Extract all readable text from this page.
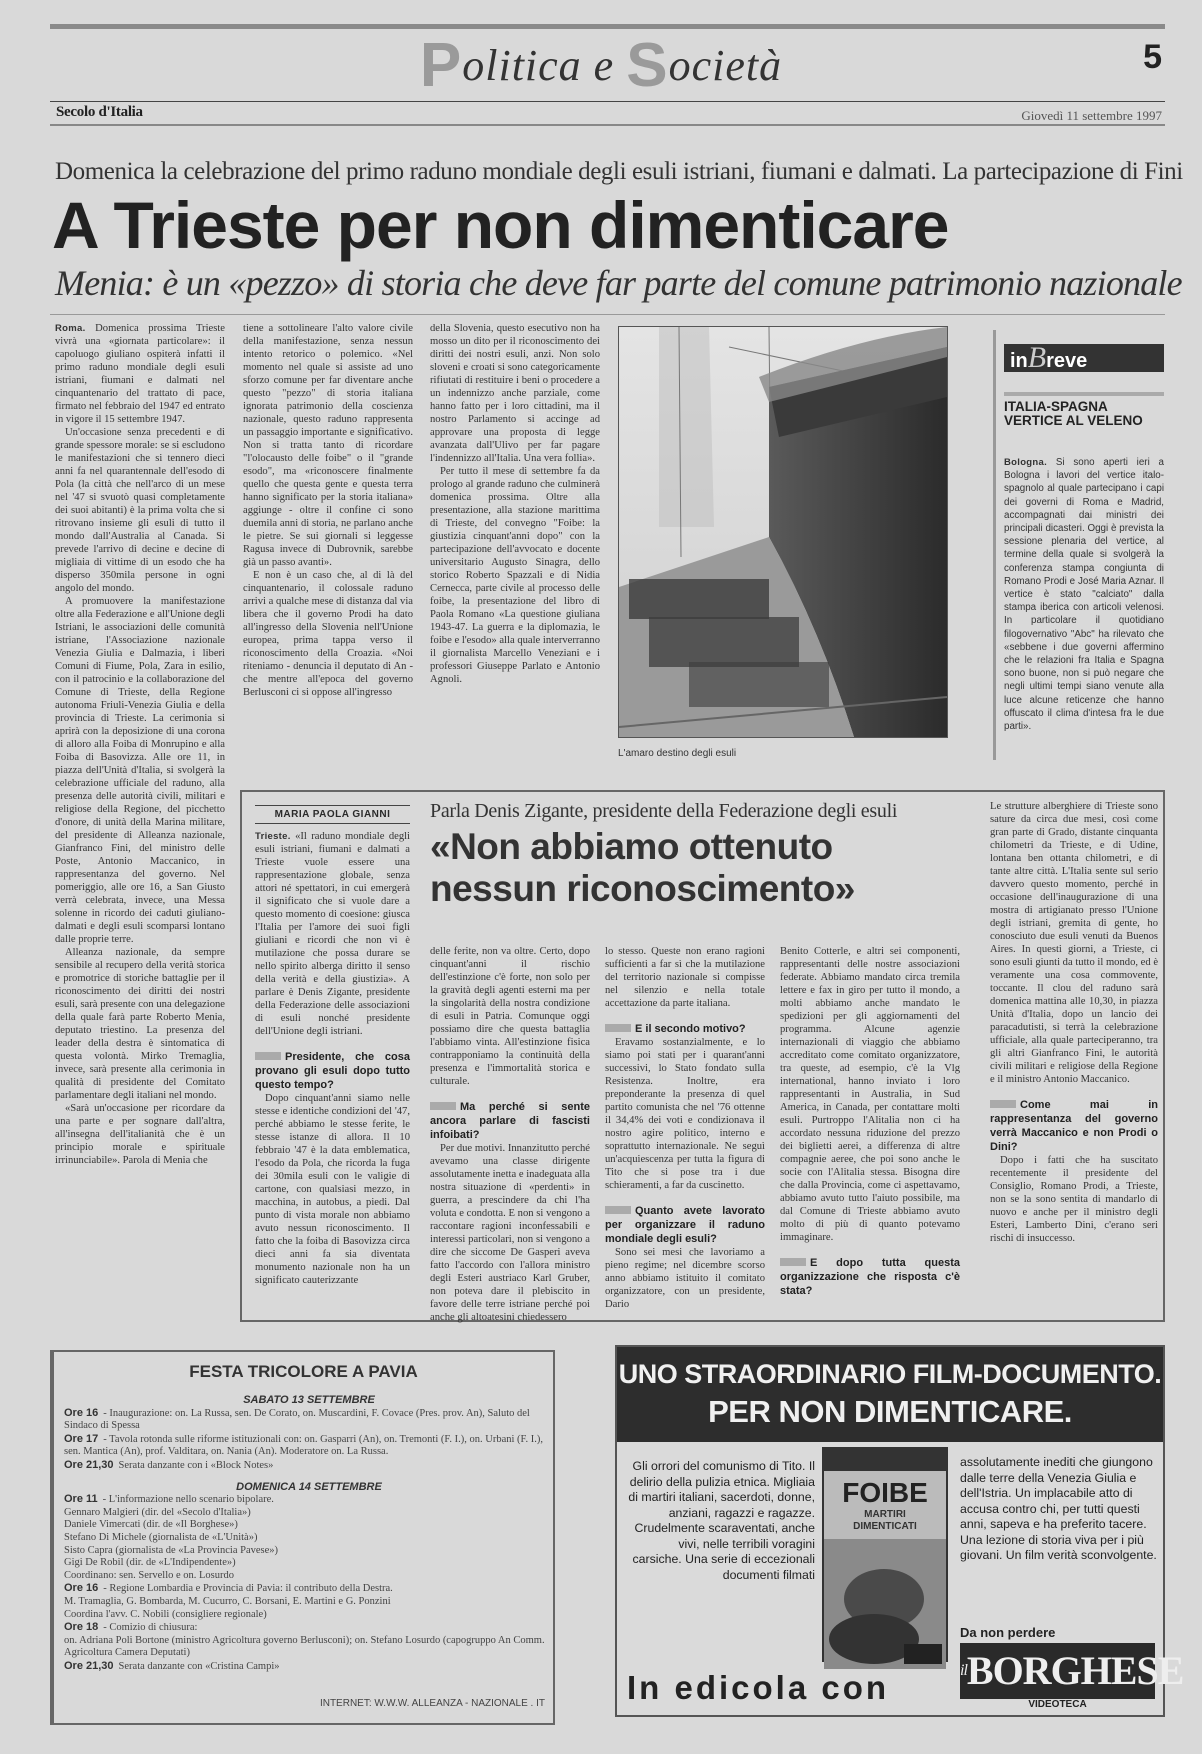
Politica e Società	5
Secolo d'Italia	Giovedì 11 settembre 1997
Domenica la celebrazione del primo raduno mondiale degli esuli istriani, fiumani e dalmati. La partecipazione di Fini
A Trieste per non dimenticare
Menia: è un «pezzo» di storia che deve far parte del comune patrimonio nazionale

Roma. Domenica prossima Trieste vivrà una «giornata particolare»: il capoluogo giuliano ospiterà infatti il primo raduno mondiale degli esuli istriani, fiumani e dalmati nel cinquantenario del trattato di pace, firmato nel febbraio del 1947 ed entrato in vigore il 15 settembre 1947.

Un'occasione senza precedenti e di grande spessore morale: se si escludono le manifestazioni che si tennero dieci anni fa nel quarantennale dell'esodo di Pola (la città che nell'arco di un mese nel '47 si svuotò quasi completamente dei suoi abitanti) è la prima volta che si ritrovano insieme gli esuli di tutto il mondo dall'Australia al Canada. Si prevede l'arrivo di decine e decine di migliaia di vittime di un esodo che ha disperso 350mila persone in ogni angolo del mondo.

A promuovere la manifestazione oltre alla Federazione e all'Unione degli Istriani, le associazioni delle comunità istriane, l'Associazione nazionale Venezia Giulia e Dalmazia, i liberi Comuni di Fiume, Pola, Zara in esilio, con il patrocinio e la collaborazione del Comune di Trieste, della Regione autonoma Friuli-Venezia Giulia e della provincia di Trieste. La cerimonia si aprirà con la deposizione di una corona di alloro alla Foiba di Monrupino e alla Foiba di Basovizza. Alle ore 11, in piazza dell'Unità d'Italia, si svolgerà la celebrazione ufficiale del raduno, alla presenza delle autorità civili, militari e religiose della Regione, del picchetto d'onore, di unità della Marina militare, del presidente di Alleanza nazionale, Gianfranco Fini, del ministro delle Poste, Antonio Maccanico, in rappresentanza del governo. Nel pomeriggio, alle ore 16, a San Giusto verrà celebrata, invece, una Messa solenne in ricordo dei caduti giuliano-dalmati e degli esuli scomparsi lontano dalle proprie terre.

Alleanza nazionale, da sempre sensibile al recupero della verità storica e promotrice di storiche battaglie per il riconoscimento dei diritti dei nostri esuli, sarà presente con una delegazione della quale farà parte Roberto Menia, deputato triestino. La presenza del leader della destra è sintomatica di questa volontà. Mirko Tremaglia, invece, sarà presente alla cerimonia in qualità di presidente del Comitato parlamentare degli italiani nel mondo.

«Sarà un'occasione per ricordare da una parte e per sognare dall'altra, all'insegna dell'italianità che è un principio morale e spirituale irrinunciabile». Parola di Menia che

tiene a sottolineare l'alto valore civile della manifestazione, senza nessun intento retorico o polemico. «Nel momento nel quale si assiste ad uno sforzo comune per far diventare anche questo "pezzo" di storia italiana ignorata patrimonio della coscienza nazionale, questo raduno rappresenta un passaggio importante e significativo. Non si tratta tanto di ricordare "l'olocausto delle foibe" o il "grande esodo", ma «riconoscere finalmente quello che questa gente e questa terra hanno significato per la storia italiana» aggiunge - oltre il confine ci sono duemila anni di storia, ne parlano anche le pietre. Se sui giornali si leggesse Ragusa invece di Dubrovnik, sarebbe già un passo avanti».

E non è un caso che, al di là del cinquantenario, il colossale raduno arrivi a qualche mese di distanza dal via libera che il governo Prodi ha dato all'ingresso della Slovenia nell'Unione europea, prima tappa verso il riconoscimento della Croazia. «Noi riteniamo - denuncia il deputato di An - che mentre all'epoca del governo Berlusconi ci si oppose all'ingresso

della Slovenia, questo esecutivo non ha mosso un dito per il riconoscimento dei diritti dei nostri esuli, anzi. Non solo sloveni e croati si sono categoricamente rifiutati di restituire i beni o procedere a un indennizzo anche parziale, come hanno fatto per i loro cittadini, ma il nostro Parlamento si accinge ad approvare una proposta di legge avanzata dall'Ulivo per far pagare l'indennizzo all'Italia. Una vera follia».

Per tutto il mese di settembre fa da prologo al grande raduno che culminerà domenica prossima. Oltre alla presentazione, alla stazione marittima di Trieste, del convegno "Foibe: la giustizia cinquant'anni dopo" con la partecipazione dell'avvocato e docente universitario Augusto Sinagra, dello storico Roberto Spazzali e di Nidia Cernecca, parte civile al processo delle foibe, la presentazione del libro di Paola Romano «La questione giuliana 1943-47. La guerra e la diplomazia, le foibe e l'esodo» alla quale interverranno il giornalista Marcello Veneziani e i professori Giuseppe Parlato e Antonio Agnoli.

L'amaro destino degli esuli
inBreve
ITALIA-SPAGNA VERTICE AL VELENO

Bologna. Si sono aperti ieri a Bologna i lavori del vertice italo-spagnolo al quale partecipano i capi dei governi di Roma e Madrid, accompagnati dai ministri dei principali dicasteri. Oggi è prevista la sessione plenaria del vertice, al termine della quale si svolgerà la conferenza stampa congiunta di Romano Prodi e José Maria Aznar. Il vertice è stato "calciato" dalla stampa iberica con articoli velenosi. In particolare il quotidiano filogovernativo "Abc" ha rilevato che «sebbene i due governi affermino che le relazioni fra Italia e Spagna sono buone, non si può negare che negli ultimi tempi siano venute alla luce alcune reticenze che hanno offuscato il clima d'intesa fra le due parti».

MARIA PAOLA GIANNI	Parla Denis Zigante, presidente della Federazione degli esuli
«Non abbiamo ottenuto
nessun riconoscimento»

Trieste. «Il raduno mondiale degli esuli istriani, fiumani e dalmati a Trieste vuole essere una rappresentazione globale, senza attori né spettatori, in cui emergerà il significato che si vuole dare a questo momento di coesione: giusca l'Italia per l'amore dei suoi figli giuliani e ricordi che non vi è mutilazione che possa durare se nello spirito alberga diritto il senso della verità e della giustizia». A parlare è Denis Zigante, presidente della Federazione delle associazioni di esuli nonché presidente dell'Unione degli istriani.

Presidente, che cosa provano gli esuli dopo tutto questo tempo?

Dopo cinquant'anni siamo nelle stesse e identiche condizioni del '47, perché abbiamo le stesse ferite, le stesse istanze di allora. Il 10 febbraio '47 è la data emblematica, l'esodo da Pola, che ricorda la fuga dei 30mila esuli con le valigie di cartone, con qualsiasi mezzo, in macchina, in autobus, a piedi. Dal punto di vista morale non abbiamo avuto nessun riconoscimento. Il fatto che la foiba di Basovizza circa dieci anni fa sia diventata monumento nazionale non ha un significato cauterizzante

delle ferite, non va oltre. Certo, dopo cinquant'anni il rischio dell'estinzione c'è forte, non solo per la gravità degli agenti esterni ma per la singolarità della nostra condizione di esuli in Patria. Comunque oggi possiamo dire che questa battaglia l'abbiamo vinta. All'estinzione fisica contrapponiamo la continuità della presenza e l'immortalità storica e culturale.

Ma perché si sente ancora parlare di fascisti infoibati?

Per due motivi. Innanzitutto perché avevamo una classe dirigente assolutamente inetta e inadeguata alla nostra situazione di «perdenti» in guerra, a prescindere da chi l'ha voluta e condotta. E non si vengono a raccontare ragioni inconfessabili e interessi particolari, non si vengono a dire che siccome De Gasperi aveva fatto l'accordo con l'allora ministro degli Esteri austriaco Karl Gruber, non poteva dare il plebiscito in favore delle terre istriane perché poi anche gli altoatesini chiedessero

lo stesso. Queste non erano ragioni sufficienti a far sì che la mutilazione del territorio nazionale si compisse nel silenzio e nella totale accettazione da parte italiana.

E il secondo motivo?

Eravamo sostanzialmente, e lo siamo poi stati per i quarant'anni successivi, lo Stato fondato sulla Resistenza. Inoltre, era preponderante la presenza di quel partito comunista che nel '76 ottenne il 34,4% dei voti e condizionava il nostro agire politico, interno e soprattutto internazionale. Ne seguì un'acquiescenza per tutta la figura di Tito che si pose tra i due schieramenti, a far da cuscinetto.

Quanto avete lavorato per organizzare il raduno mondiale degli esuli?

Sono sei mesi che lavoriamo a pieno regime; nel dicembre scorso anno abbiamo istituito il comitato organizzatore, con un presidente, Dario

Benito Cotterle, e altri sei componenti, rappresentanti delle nostre associazioni federate. Abbiamo mandato circa tremila lettere e fax in giro per tutto il mondo, a molti abbiamo anche mandato le spedizioni per gli aggiornamenti del programma. Alcune agenzie internazionali di viaggio che abbiamo accreditato come comitato organizzatore, tra queste, ad esempio, c'è la Vlg international, hanno inviato i loro rappresentanti in Australia, in Sud America, in Canada, per contattare molti esuli. Purtroppo l'Alitalia non ci ha accordato nessuna riduzione del prezzo dei biglietti aerei, a differenza di altre compagnie aeree, che poi sono anche le socie con l'Alitalia stessa. Bisogna dire che dalla Provincia, come ci aspettavamo, abbiamo avuto tutto l'aiuto possibile, ma dal Comune di Trieste abbiamo avuto molto di più di quanto potevamo immaginare.

E dopo tutta questa organizzazione che risposta c'è stata?

Le strutture alberghiere di Trieste sono sature da circa due mesi, così come gran parte di Grado, distante cinquanta chilometri da Trieste, e di Udine, lontana ben ottanta chilometri, e di tante altre città. L'Italia sente sul serio davvero questo momento, perché in occasione dell'inaugurazione di una mostra di artigianato presso l'Unione degli istriani, gremita di gente, ho conosciuto due esuli venuti da Buenos Aires. In questi giorni, a Trieste, ci sono esuli giunti da tutto il mondo, ed è veramente una cosa commovente, toccante. Il clou del raduno sarà domenica mattina alle 10,30, in piazza Unità d'Italia, dopo un lancio dei paracadutisti, si terrà la celebrazione ufficiale, alla quale parteciperanno, tra gli altri Gianfranco Fini, le autorità civili militari e religiose della Regione e il ministro Antonio Maccanico.

Come mai in rappresentanza del governo verrà Maccanico e non Prodi o Dini?

Dopo i fatti che ha suscitato recentemente il presidente del Consiglio, Romano Prodi, a Trieste, non se la sono sentita di mandarlo di nuovo e anche per il ministro degli Esteri, Lamberto Dini, c'erano seri rischi di insuccesso.

FESTA TRICOLORE A PAVIA
SABATO 13 SETTEMBRE
Ore 16 - Inaugurazione: on. La Russa, sen. De Corato, on. Muscardini, F. Covace (Pres. prov. An), Saluto del Sindaco di Spessa
Ore 17 - Tavola rotonda sulle riforme istituzionali con: on. Gasparri (An), on. Tremonti (F. I.), on. Urbani (F. I.), sen. Mantica (An), prof. Valditara, on. Nania (An). Moderatore on. La Russa.
Ore 21,30 Serata danzante con i «Block Notes»
DOMENICA 14 SETTEMBRE
Ore 11 - L'informazione nello scenario bipolare.
Gennaro Malgieri (dir. del «Secolo d'Italia»)
Daniele Vimercati (dir. de «Il Borghese»)
Stefano Di Michele (giornalista de «L'Unità»)
Sisto Capra (giornalista de «La Provincia Pavese»)
Gigi De Robil (dir. de «L'Indipendente»)
Coordinano: sen. Servello e on. Losurdo
Ore 16 - Regione Lombardia e Provincia di Pavia: il contributo della Destra.
M. Tramaglia, G. Bombarda, M. Cucurro, C. Borsani, E. Martini e G. Ponzini
Coordina l'avv. C. Nobili (consigliere regionale)
Ore 18 - Comizio di chiusura:
on. Adriana Poli Bortone (ministro Agricoltura governo Berlusconi); on. Stefano Losurdo (capogruppo An Comm. Agricoltura Camera Deputati)
Ore 21,30 Serata danzante con «Cristina Campi»
INTERNET: W.W.W. ALLEANZA - NAZIONALE . IT
UNO STRAORDINARIO FILM-DOCUMENTO.
PER NON DIMENTICARE.
Gli orrori del comunismo di Tito. Il delirio della pulizia etnica. Migliaia di martiri italiani, sacerdoti, donne, anziani, ragazzi e ragazze. Crudelmente scaraventati, anche vivi, nelle terribili voragini carsiche. Una serie di eccezionali documenti filmati
FOIBE
MARTIRI DIMENTICATI
assolutamente inediti che giungono dalle terre della Venezia Giulia e dell'Istria. Un implacabile atto di accusa contro chi, per tutti questi anni, sapeva e ha preferito tacere. Una lezione di storia viva per i più giovani. Un film verità sconvolgente.
Da non perdere
In edicola con	$^{il}$BORGHESE
VIDEOTECA
